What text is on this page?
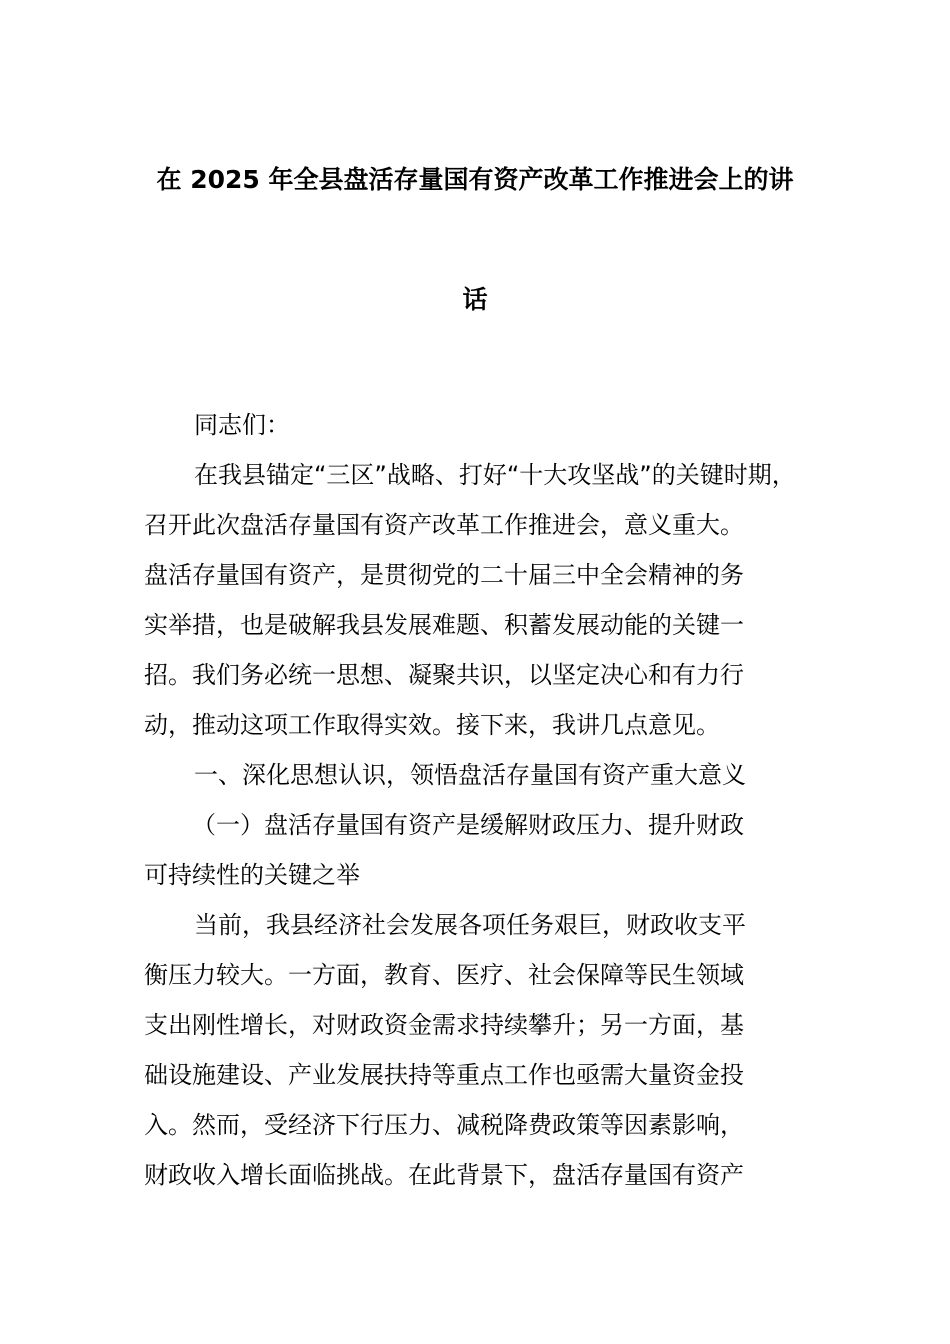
在 2025 年全县盘活存量国有资产改革工作推进会上的讲
话
同志们：
在我县锚定“三区”战略、打好“十大攻坚战”的关键时期，
召开此次盘活存量国有资产改革工作推进会，意义重大。
盘活存量国有资产，是贯彻党的二十届三中全会精神的务
实举措，也是破解我县发展难题、积蓄发展动能的关键一
招。我们务必统一思想、凝聚共识，以坚定决心和有力行
动，推动这项工作取得实效。接下来，我讲几点意见。
一、深化思想认识，领悟盘活存量国有资产重大意义
（一）盘活存量国有资产是缓解财政压力、提升财政
可持续性的关键之举
当前，我县经济社会发展各项任务艰巨，财政收支平
衡压力较大。一方面，教育、医疗、社会保障等民生领域
支出刚性增长，对财政资金需求持续攀升；另一方面，基
础设施建设、产业发展扶持等重点工作也亟需大量资金投
入。然而，受经济下行压力、减税降费政策等因素影响，
财政收入增长面临挑战。在此背景下，盘活存量国有资产
